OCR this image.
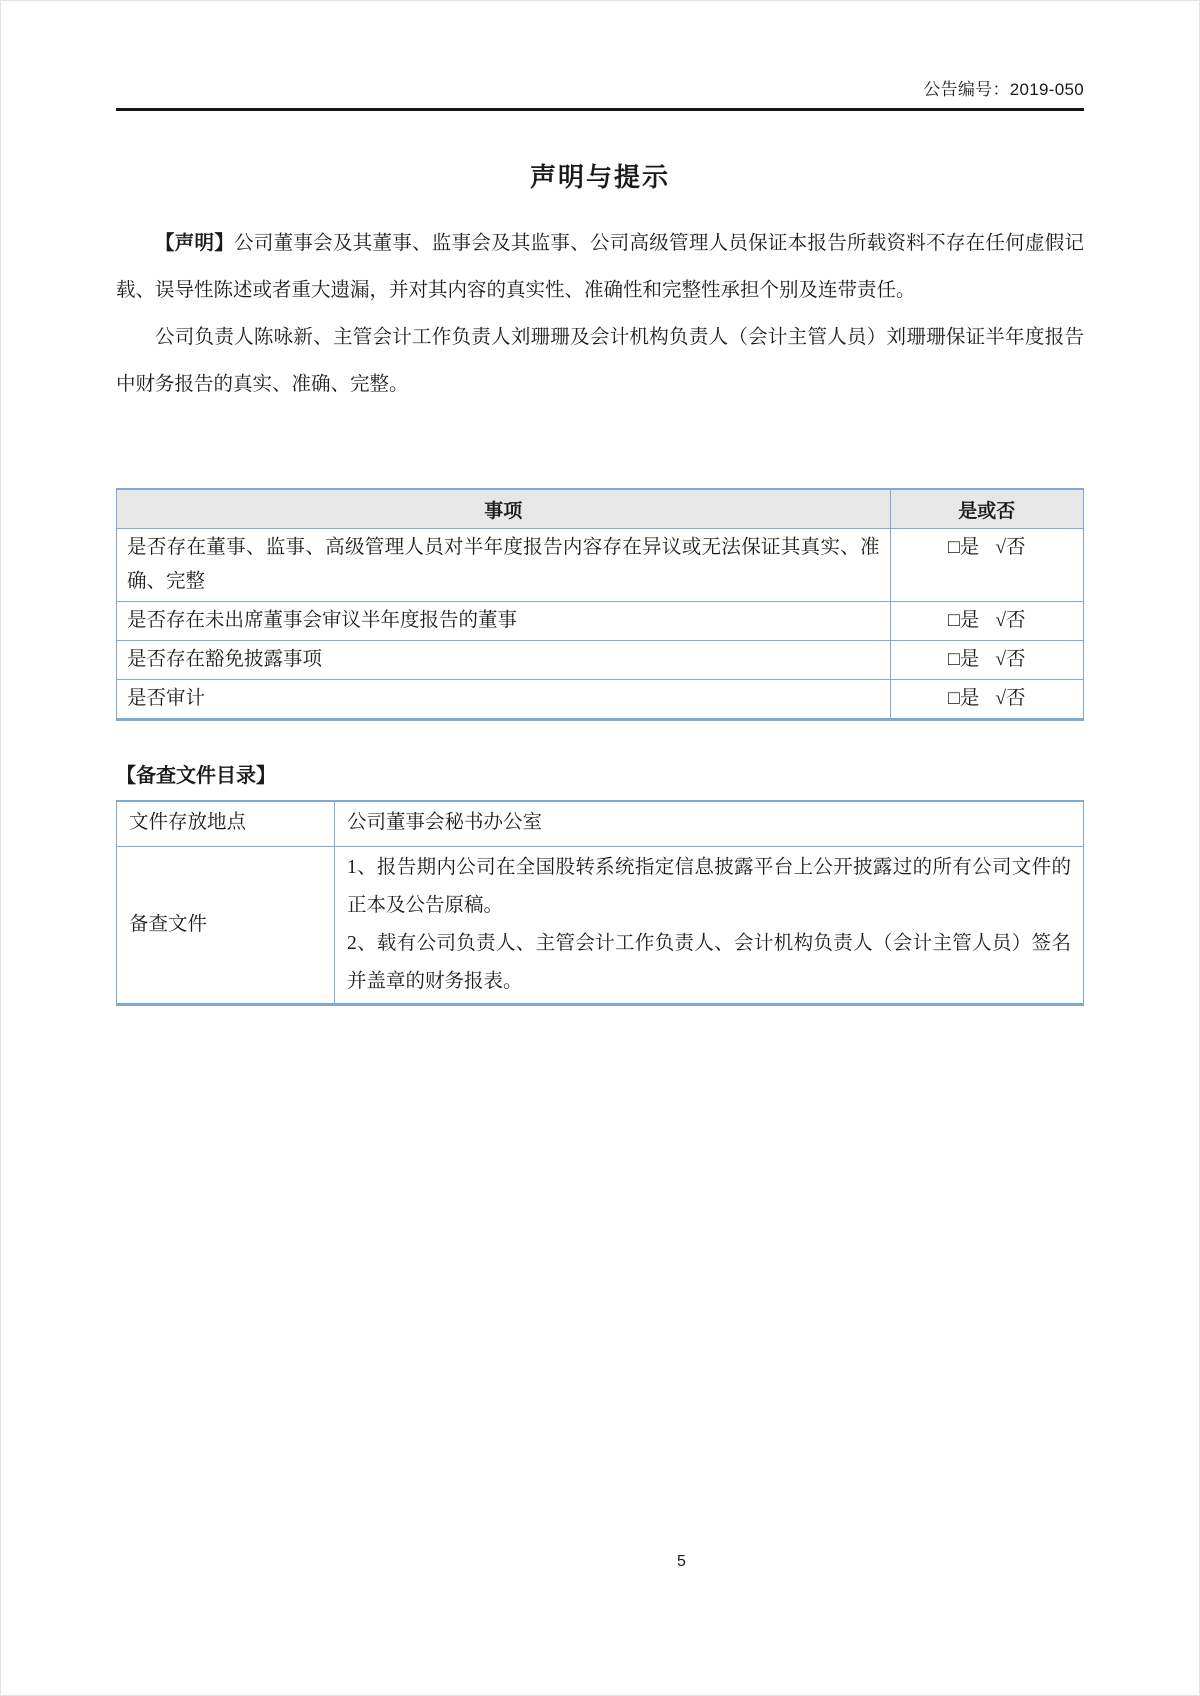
公告编号：2019-050
声明与提示

【声明】公司董事会及其董事、监事会及其监事、公司高级管理人员保证本报告所载资料不存在任何虚假记载、误导性陈述或者重大遗漏，并对其内容的真实性、准确性和完整性承担个别及连带责任。

公司负责人陈咏新、主管会计工作负责人刘珊珊及会计机构负责人（会计主管人员）刘珊珊保证半年度报告中财务报告的真实、准确、完整。

事项	是或否
是否存在董事、监事、高级管理人员对半年度报告内容存在异议或无法保证其真实、准确、完整	□是 √否
是否存在未出席董事会审议半年度报告的董事	□是 √否
是否存在豁免披露事项	□是 √否
是否审计	□是 √否
【备查文件目录】
文件存放地点	公司董事会秘书办公室
备查文件	1、报告期内公司在全国股转系统指定信息披露平台上公开披露过的所有公司文件的正本及公告原稿。

2、载有公司负责人、主管会计工作负责人、会计机构负责人（会计主管人员）签名并盖章的财务报表。

5
